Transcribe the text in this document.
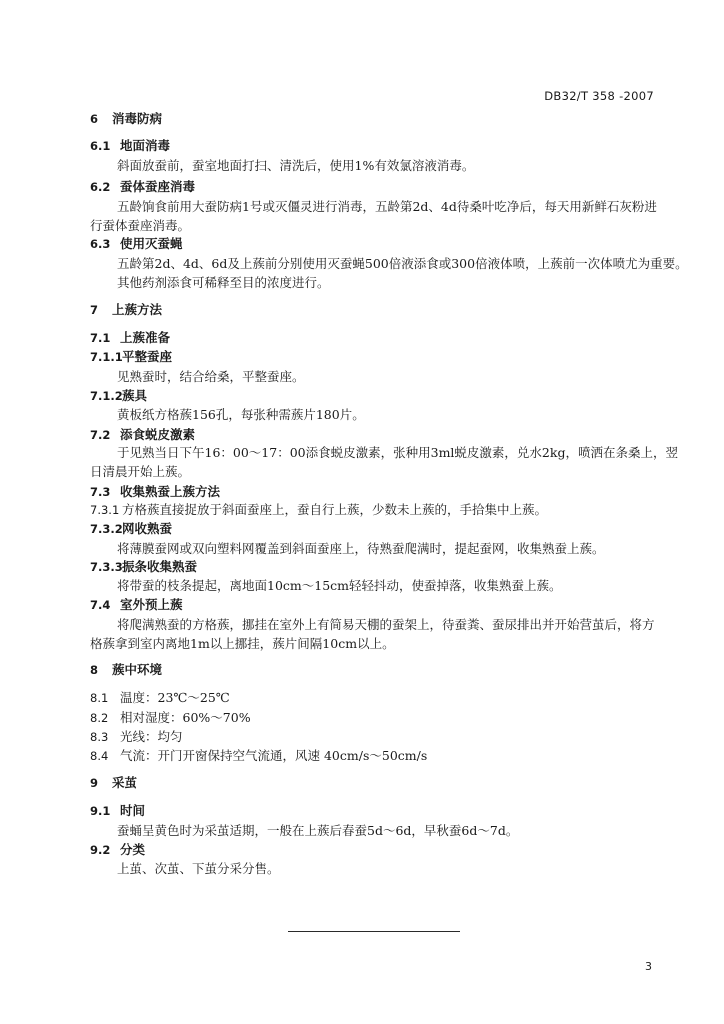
DB32/T 358 -2007
6 消毒防病
6.1 地面消毒
斜面放蚕前，蚕室地面打扫、清洗后，使用1%有效氯溶液消毒。
6.2 蚕体蚕座消毒
五龄饷食前用大蚕防病1号或灭僵灵进行消毒，五龄第2d、4d待桑叶吃净后，每天用新鲜石灰粉进
行蚕体蚕座消毒。
6.3 使用灭蚕蝇
五龄第2d、4d、6d及上蔟前分别使用灭蚕蝇500倍液添食或300倍液体喷，上蔟前一次体喷尤为重要。
其他药剂添食可稀释至目的浓度进行。
7 上蔟方法
7.1 上蔟准备
7.1.1平整蚕座
见熟蚕时，结合给桑，平整蚕座。
7.1.2蔟具
黄板纸方格蔟156孔，每张种需蔟片180片。
7.2 添食蜕皮激素
于见熟当日下午16：00～17：00添食蜕皮激素，张种用3ml蜕皮激素，兑水2kg，喷洒在条桑上，翌
日清晨开始上蔟。
7.3 收集熟蚕上蔟方法
7.3.1 方格蔟直接捉放于斜面蚕座上，蚕自行上蔟，少数未上蔟的，手拾集中上蔟。
7.3.2网收熟蚕
将薄膜蚕网或双向塑料网覆盖到斜面蚕座上，待熟蚕爬满时，提起蚕网，收集熟蚕上蔟。
7.3.3振条收集熟蚕
将带蚕的枝条提起，离地面10cm～15cm轻轻抖动，使蚕掉落，收集熟蚕上蔟。
7.4 室外预上蔟
将爬满熟蚕的方格蔟，挪挂在室外上有简易天棚的蚕架上，待蚕粪、蚕尿排出并开始营茧后，将方
格蔟拿到室内离地1m以上挪挂，蔟片间隔10cm以上。
8 蔟中环境
8.1 温度：23℃～25℃
8.2 相对湿度：60%～70%
8.3 光线：均匀
8.4 气流：开门开窗保持空气流通，风速 40cm/s～50cm/s
9 采茧
9.1 时间
蚕蛹呈黄色时为采茧适期，一般在上蔟后春蚕5d～6d，早秋蚕6d～7d。
9.2 分类
上茧、次茧、下茧分采分售。
3
